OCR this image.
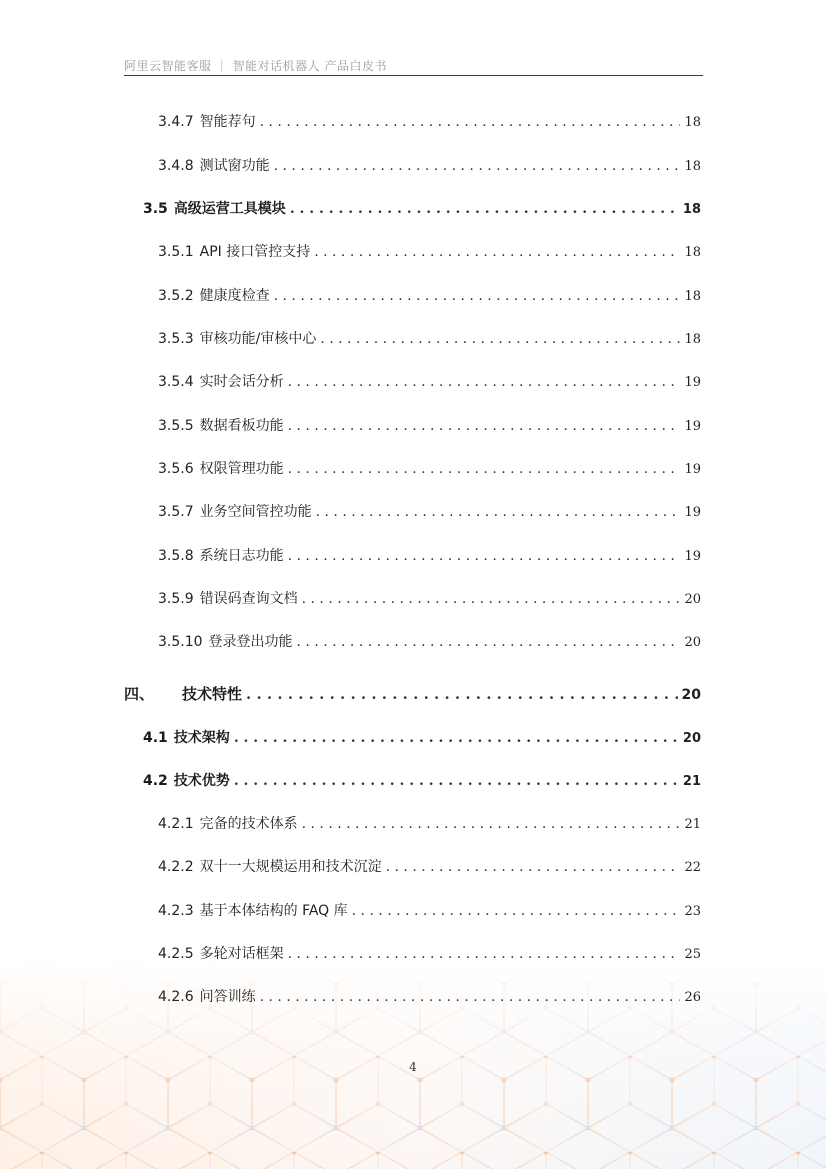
阿里云智能客服 ｜ 智能对话机器人 产品白皮书
3.4.7 智能荐句 . . .	18
3.4.8 测试窗功能 . . .	18
3.5 高级运营工具模块 . . .	18
3.5.1 API 接口管控支持 . . .	18
3.5.2 健康度检查 . . .	18
3.5.3 审核功能/审核中心 . . .	18
3.5.4 实时会话分析 . . .	19
3.5.5 数据看板功能 . . .	19
3.5.6 权限管理功能 . . .	19
3.5.7 业务空间管控功能 . . .	19
3.5.8 系统日志功能 . . .	19
3.5.9 错误码查询文档 . . .	20
3.5.10 登录登出功能 . . .	20
四、	技术特性 . . .	20
4.1 技术架构 . . .	20
4.2 技术优势 . . .	21
4.2.1 完备的技术体系 . . .	21
4.2.2 双十一大规模运用和技术沉淀 . . .	22
4.2.3 基于本体结构的 FAQ 库 . . .	23
4.2.5 多轮对话框架 . . .	25
4.2.6 问答训练 . . .	26
4
